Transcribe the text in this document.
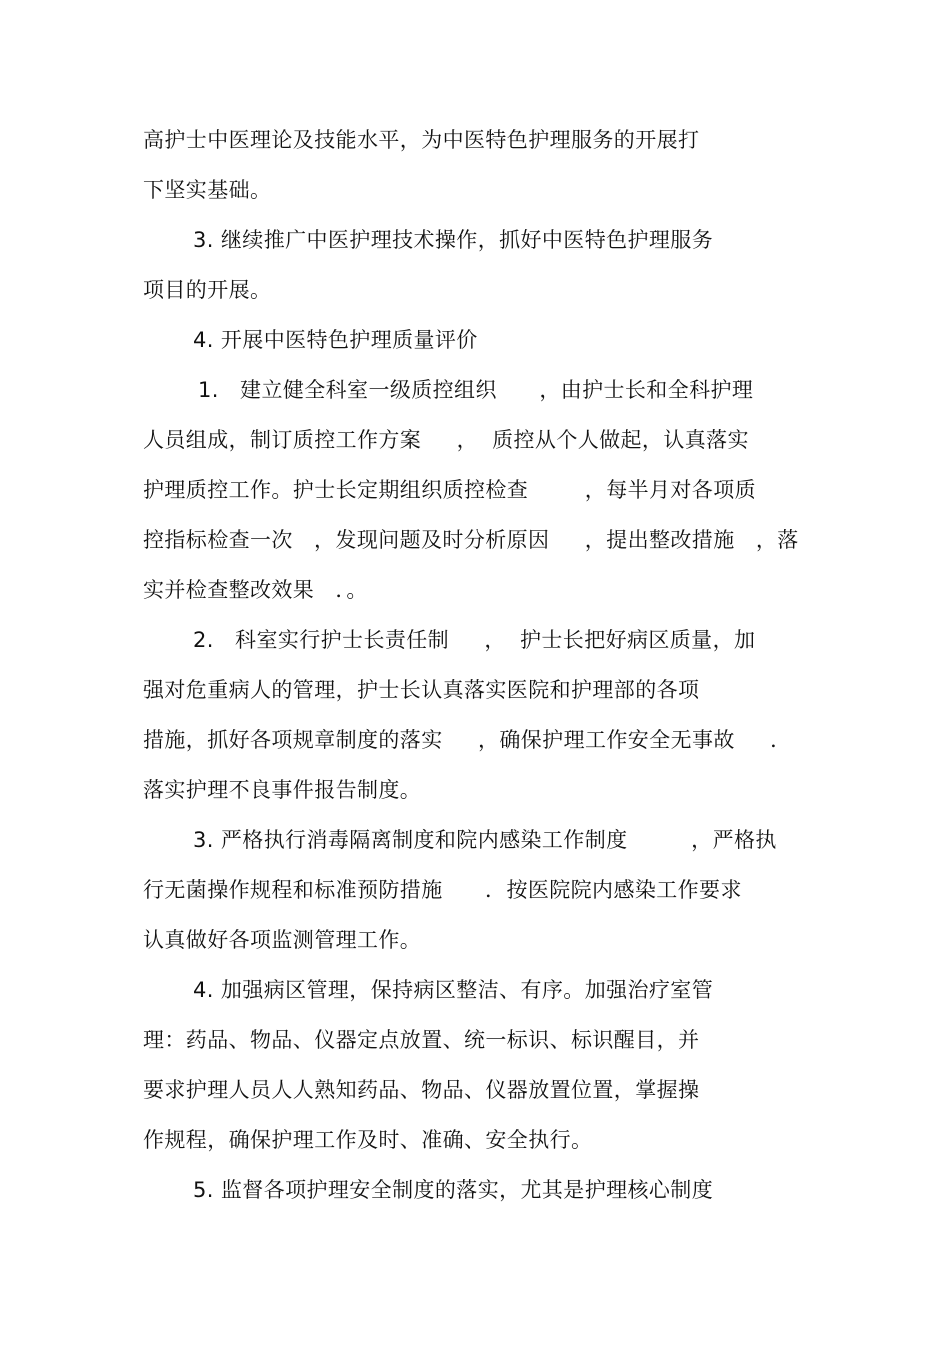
高护士中医理论及技能水平，为中医特色护理服务的开展打
下坚实基础。
3. 继续推广中医护理技术操作，抓好中医特色护理服务
项目的开展。
4. 开展中医特色护理质量评价
1.   建立健全科室一级质控组织      ，由护士长和全科护理
人员组成，制订质控工作方案     ，  质控从个人做起，认真落实
护理质控工作。护士长定期组织质控检查        ，每半月对各项质
控指标检查一次   ，发现问题及时分析原因     ，提出整改措施   ，落
实并检查整改效果   ．。
2.   科室实行护士长责任制     ，  护士长把好病区质量，加
强对危重病人的管理，护士长认真落实医院和护理部的各项
措施，抓好各项规章制度的落实     ，确保护理工作安全无事故     ．
落实护理不良事件报告制度。
3. 严格执行消毒隔离制度和院内感染工作制度         ，严格执
行无菌操作规程和标准预防措施      ．按医院院内感染工作要求
认真做好各项监测管理工作。
4. 加强病区管理，保持病区整洁、有序。加强治疗室管
理：药品、物品、仪器定点放置、统一标识、标识醒目，并
要求护理人员人人熟知药品、物品、仪器放置位置，掌握操
作规程，确保护理工作及时、准确、安全执行。
5. 监督各项护理安全制度的落实，尤其是护理核心制度
